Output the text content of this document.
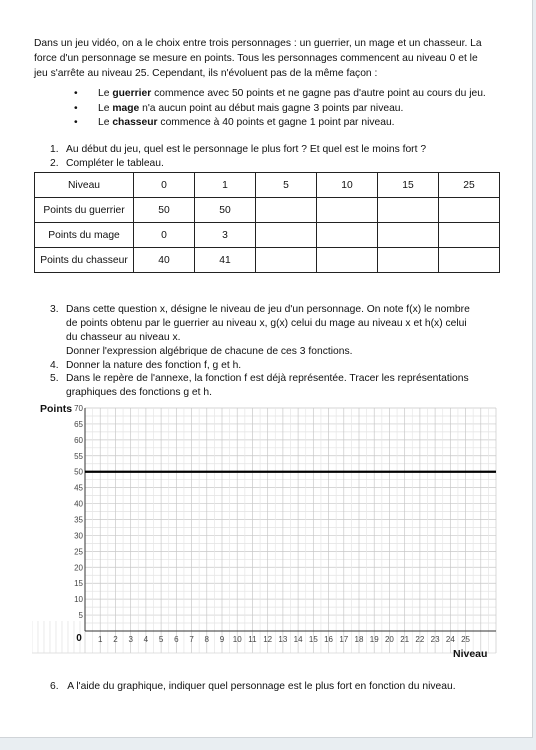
Dans un jeu vidéo, on a le choix entre trois personnages : un guerrier, un mage et un chasseur. La
force d'un personnage se mesure en points. Tous les personnages commencent au niveau 0 et le
jeu s'arrête au niveau 25. Cependant, ils n'évoluent pas de la même façon :
• Le guerrier commence avec 50 points et ne gagne pas d'autre point au cours du jeu.
• Le mage n'a aucun point au début mais gagne 3 points par niveau.
• Le chasseur commence à 40 points et gagne 1 point par niveau.
1. Au début du jeu, quel est le personnage le plus fort ? Et quel est le moins fort ?
2. Compléter le tableau.
Niveau	0	1	5	10	15	25
Points du guerrier	50	50				
Points du mage	0	3				
Points du chasseur	40	41				
3. Dans cette question x, désigne le niveau de jeu d'un personnage. On note f(x) le nombre
de points obtenu par le guerrier au niveau x, g(x) celui du mage au niveau x et h(x) celui
du chasseur au niveau x.
Donner l'expression algébrique de chacune de ces 3 fonctions.
4. Donner la nature des fonction f, g et h.
5. Dans le repère de l'annexe, la fonction f est déjà représentée. Tracer les représentations
graphiques des fonctions g et h.
5
10
15
20
25
30
35
40
45
50
55
60
65
70
1 2 3 4 5 6 7 8 9 10 11 12 13 14 15 16 17 18 19 20 21 22 23 24 25
0
Points
Niveau
6. A l'aide du graphique, indiquer quel personnage est le plus fort en fonction du niveau.
